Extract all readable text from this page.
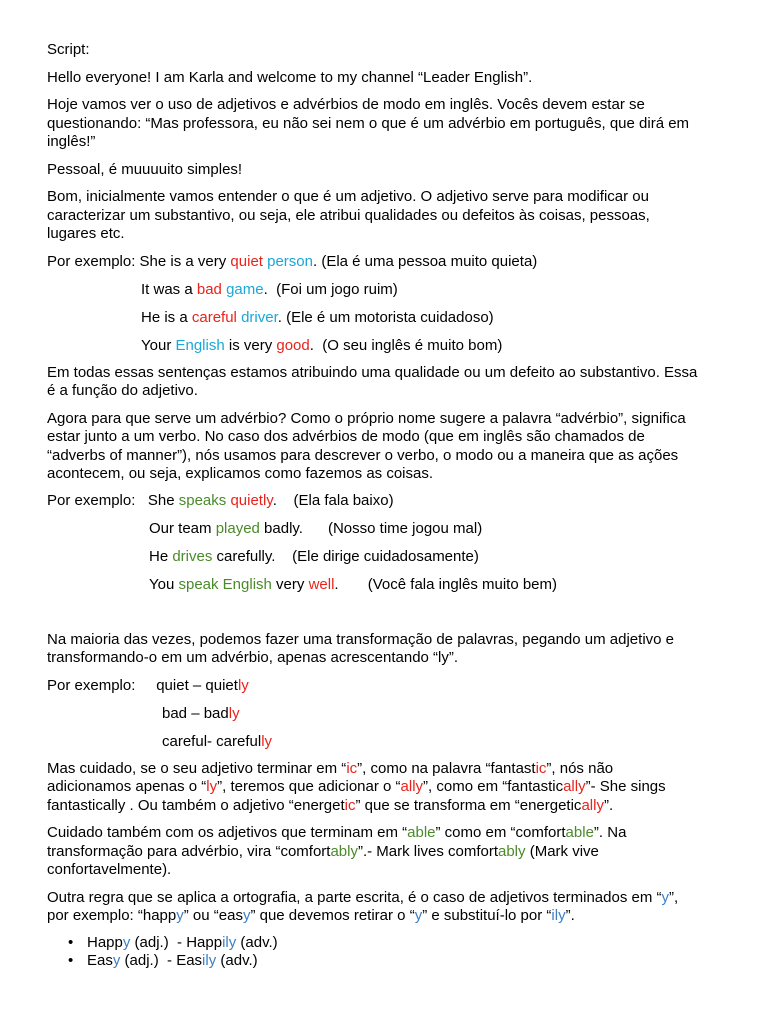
Script:

Hello everyone! I am Karla and welcome to my channel “Leader English”.

Hoje vamos ver o uso de adjetivos e advérbios de modo em inglês. Vocês devem estar se

questionando: “Mas professora, eu não sei nem o que é um advérbio em português, que dirá em

inglês!”

Pessoal, é muuuuito simples!

Bom, inicialmente vamos entender o que é um adjetivo. O adjetivo serve para modificar ou

caracterizar um substantivo, ou seja, ele atribui qualidades ou defeitos às coisas, pessoas,

lugares etc.

Por exemplo: She is a very quiet person. (Ela é uma pessoa muito quieta)

It was a bad game.  (Foi um jogo ruim)

He is a careful driver. (Ele é um motorista cuidadoso)

Your English is very good.  (O seu inglês é muito bom)

Em todas essas sentenças estamos atribuindo uma qualidade ou um defeito ao substantivo. Essa

é a função do adjetivo.

Agora para que serve um advérbio? Como o próprio nome sugere a palavra “advérbio”, significa

estar junto a um verbo. No caso dos advérbios de modo (que em inglês são chamados de

“adverbs of manner”), nós usamos para descrever o verbo, o modo ou a maneira que as ações

acontecem, ou seja, explicamos como fazemos as coisas.

Por exemplo:   She speaks quietly.    (Ela fala baixo)

Our team played badly.      (Nosso time jogou mal)

He drives carefully.    (Ele dirige cuidadosamente)

You speak English very well.       (Você fala inglês muito bem)

Na maioria das vezes, podemos fazer uma transformação de palavras, pegando um adjetivo e

transformando-o em um advérbio, apenas acrescentando “ly”.

Por exemplo:     quiet – quietly

bad – badly

careful- carefully

Mas cuidado, se o seu adjetivo terminar em “ic”, como na palavra “fantastic”, nós não

adicionamos apenas o “ly”, teremos que adicionar o “ally”, como em “fantastically”- She sings

fantastically . Ou também o adjetivo “energetic” que se transforma em “energetically”.

Cuidado também com os adjetivos que terminam em “able” como em “comfortable”. Na

transformação para advérbio, vira “comfortably”.- Mark lives comfortably (Mark vive

confortavelmente).

Outra regra que se aplica a ortografia, a parte escrita, é o caso de adjetivos terminados em “y”,

por exemplo: “happy” ou “easy” que devemos retirar o “y” e substituí-lo por “ily”.

• Happy (adj.)  - Happily (adv.)
• Easy (adj.)  - Easily (adv.)
